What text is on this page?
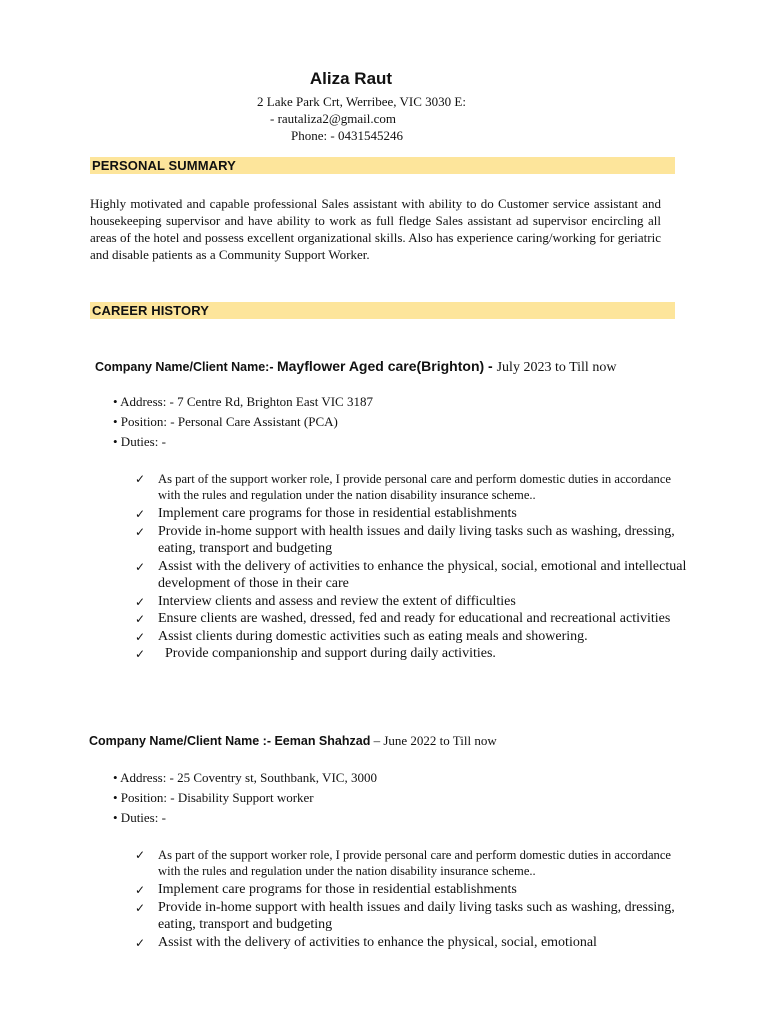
Aliza Raut
2 Lake Park Crt, Werribee, VIC 3030 E:
- rautaliza2@gmail.com
Phone: - 0431545246
PERSONAL SUMMARY
Highly motivated and capable professional Sales assistant with ability to do Customer service assistant and housekeeping supervisor and have ability to work as full fledge Sales assistant ad supervisor encircling all areas of the hotel and possess excellent organizational skills. Also has experience caring/working for geriatric and disable patients as a Community Support Worker.
CAREER HISTORY
Company Name/Client Name:- Mayflower Aged care(Brighton) - July 2023 to Till now
• Address: - 7 Centre Rd, Brighton East VIC 3187
• Position: - Personal Care Assistant (PCA)
• Duties: -
✓ As part of the support worker role, I provide personal care and perform domestic duties in accordance with the rules and regulation under the nation disability insurance scheme..
✓ Implement care programs for those in residential establishments
✓ Provide in-home support with health issues and daily living tasks such as washing, dressing, eating, transport and budgeting
✓ Assist with the delivery of activities to enhance the physical, social, emotional and intellectual development of those in their care
✓ Interview clients and assess and review the extent of difficulties
✓ Ensure clients are washed, dressed, fed and ready for educational and recreational activities
✓ Assist clients during domestic activities such as eating meals and showering.
✓ Provide companionship and support during daily activities.
Company Name/Client Name :- Eeman Shahzad – June 2022 to Till now
• Address: - 25 Coventry st, Southbank, VIC, 3000
• Position: - Disability Support worker
• Duties: -
✓ As part of the support worker role, I provide personal care and perform domestic duties in accordance with the rules and regulation under the nation disability insurance scheme..
✓ Implement care programs for those in residential establishments
✓ Provide in-home support with health issues and daily living tasks such as washing, dressing, eating, transport and budgeting
✓ Assist with the delivery of activities to enhance the physical, social, emotional
